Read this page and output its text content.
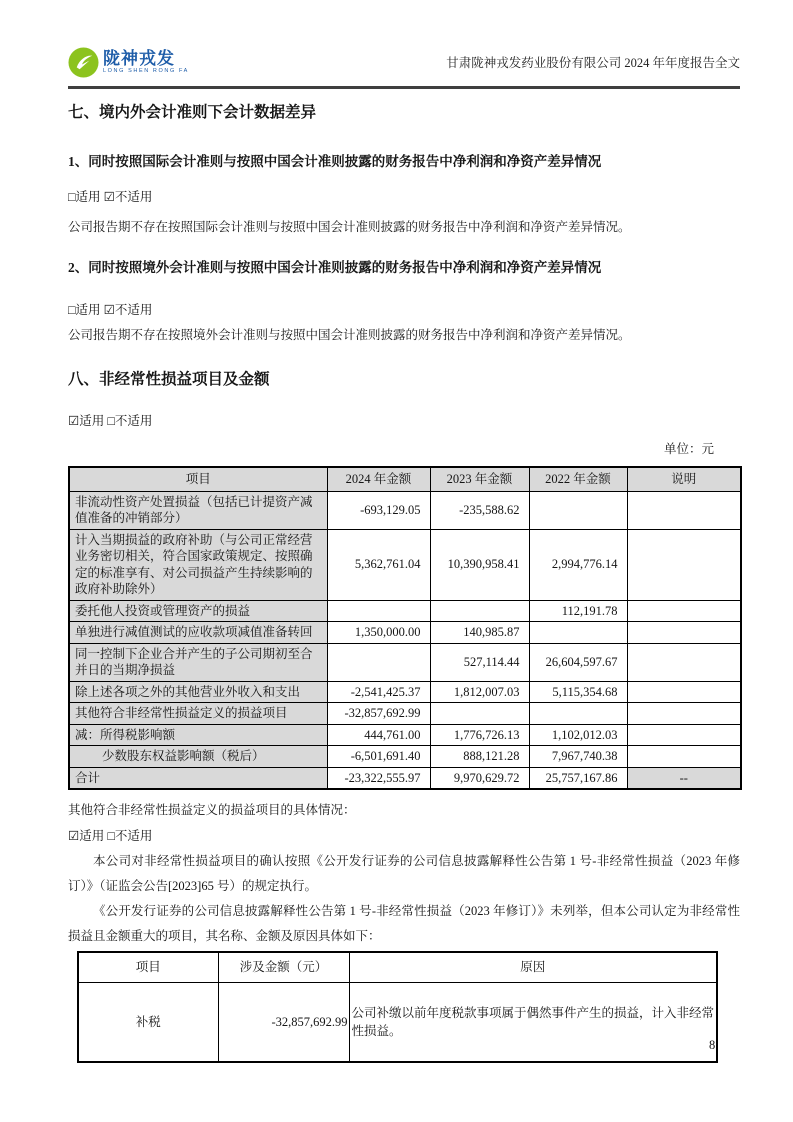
陇神戎发
LONG SHEN RONG FA
甘肃陇神戎发药业股份有限公司 2024 年年度报告全文
七、境内外会计准则下会计数据差异
1、同时按照国际会计准则与按照中国会计准则披露的财务报告中净利润和净资产差异情况

□适用 ☑不适用

公司报告期不存在按照国际会计准则与按照中国会计准则披露的财务报告中净利润和净资产差异情况。

2、同时按照境外会计准则与按照中国会计准则披露的财务报告中净利润和净资产差异情况

□适用 ☑不适用

公司报告期不存在按照境外会计准则与按照中国会计准则披露的财务报告中净利润和净资产差异情况。

八、非经常性损益项目及金额

☑适用 □不适用

单位：元
项目	2024 年金额	2023 年金额	2022 年金额	说明
非流动性资产处置损益（包括已计提资产减值准备的冲销部分）	-693,129.05	-235,588.62		
计入当期损益的政府补助（与公司正常经营业务密切相关，符合国家政策规定、按照确定的标准享有、对公司损益产生持续影响的政府补助除外）	5,362,761.04	10,390,958.41	2,994,776.14	
委托他人投资或管理资产的损益			112,191.78	
单独进行减值测试的应收款项减值准备转回	1,350,000.00	140,985.87		
同一控制下企业合并产生的子公司期初至合并日的当期净损益		527,114.44	26,604,597.67	
除上述各项之外的其他营业外收入和支出	-2,541,425.37	1,812,007.03	5,115,354.68	
其他符合非经常性损益定义的损益项目	-32,857,692.99			
减：所得税影响额	444,761.00	1,776,726.13	1,102,012.03	
少数股东权益影响额（税后）	-6,501,691.40	888,121.28	7,967,740.38	
合计	-23,322,555.97	9,970,629.72	25,757,167.86	--

其他符合非经常性损益定义的损益项目的具体情况：

☑适用 □不适用

本公司对非经常性损益项目的确认按照《公开发行证券的公司信息披露解释性公告第 1 号-非经常性损益（2023 年修订）》（证监会公告[2023]65 号）的规定执行。

《公开发行证券的公司信息披露解释性公告第 1 号-非经常性损益（2023 年修订）》未列举，但本公司认定为非经常性损益且金额重大的项目，其名称、金额及原因具体如下：

项目	涉及金额（元）	原因
补税	-32,857,692.99	公司补缴以前年度税款事项属于偶然事件产生的损益，计入非经常性损益。
8
